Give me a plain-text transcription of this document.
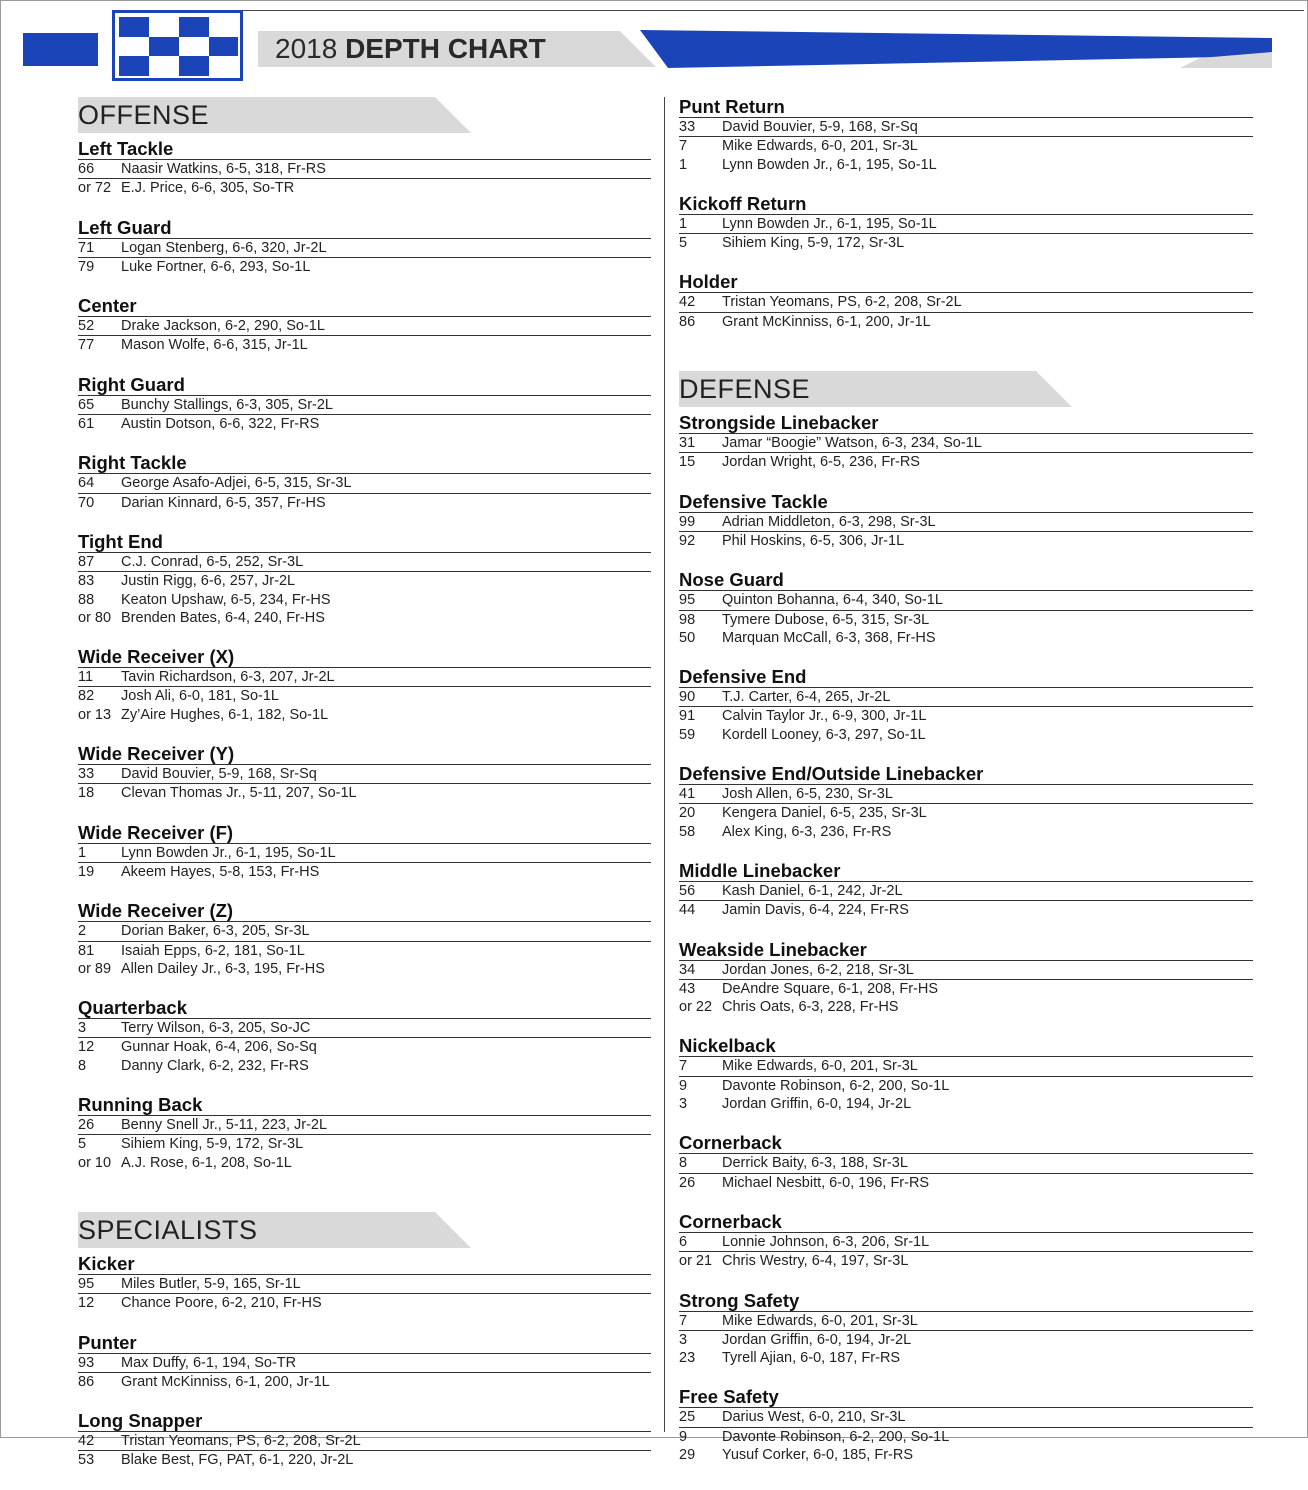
2018 DEPTH CHART
OFFENSE
Left Tackle
66	Naasir Watkins, 6-5, 318, Fr-RS
or 72 E.J. Price, 6-6, 305, So-TR
Left Guard
71	Logan Stenberg, 6-6, 320, Jr-2L
79	Luke Fortner, 6-6, 293, So-1L
Center
52	Drake Jackson, 6-2, 290, So-1L
77	Mason Wolfe, 6-6, 315, Jr-1L
Right Guard
65	Bunchy Stallings, 6-3, 305, Sr-2L
61	Austin Dotson, 6-6, 322, Fr-RS
Right Tackle
64	George Asafo-Adjei, 6-5, 315, Sr-3L
70	Darian Kinnard, 6-5, 357, Fr-HS
Tight End
87	C.J. Conrad, 6-5, 252, Sr-3L
83	Justin Rigg, 6-6, 257, Jr-2L
88	Keaton Upshaw, 6-5, 234, Fr-HS
or 80 Brenden Bates, 6-4, 240, Fr-HS
Wide Receiver (X)
11	Tavin Richardson, 6-3, 207, Jr-2L
82	Josh Ali, 6-0, 181, So-1L
or 13 Zy’Aire Hughes, 6-1, 182, So-1L
Wide Receiver (Y)
33	David Bouvier, 5-9, 168, Sr-Sq
18	Clevan Thomas Jr., 5-11, 207, So-1L
Wide Receiver (F)
1	Lynn Bowden Jr., 6-1, 195, So-1L
19	Akeem Hayes, 5-8, 153, Fr-HS
Wide Receiver (Z)
2	Dorian Baker, 6-3, 205, Sr-3L
81	Isaiah Epps, 6-2, 181, So-1L
or 89 Allen Dailey Jr., 6-3, 195, Fr-HS
Quarterback
3	Terry Wilson, 6-3, 205, So-JC
12	Gunnar Hoak, 6-4, 206, So-Sq
8	Danny Clark, 6-2, 232, Fr-RS
Running Back
26	Benny Snell Jr., 5-11, 223, Jr-2L
5	Sihiem King, 5-9, 172, Sr-3L
or 10 A.J. Rose, 6-1, 208, So-1L
SPECIALISTS
Kicker
95	Miles Butler, 5-9, 165, Sr-1L
12	Chance Poore, 6-2, 210, Fr-HS
Punter
93	Max Duffy, 6-1, 194, So-TR
86	Grant McKinniss, 6-1, 200, Jr-1L
Long Snapper
42	Tristan Yeomans, PS, 6-2, 208, Sr-2L
53	Blake Best, FG, PAT, 6-1, 220, Jr-2L
Punt Return
33	David Bouvier, 5-9, 168, Sr-Sq
7	Mike Edwards, 6-0, 201, Sr-3L
1	Lynn Bowden Jr., 6-1, 195, So-1L
Kickoff Return
1	Lynn Bowden Jr., 6-1, 195, So-1L
5	Sihiem King, 5-9, 172, Sr-3L
Holder
42	Tristan Yeomans, PS, 6-2, 208, Sr-2L
86	Grant McKinniss, 6-1, 200, Jr-1L
DEFENSE
Strongside Linebacker
31	Jamar “Boogie” Watson, 6-3, 234, So-1L
15	Jordan Wright, 6-5, 236, Fr-RS
Defensive Tackle
99	Adrian Middleton, 6-3, 298, Sr-3L
92	Phil Hoskins, 6-5, 306, Jr-1L
Nose Guard
95	Quinton Bohanna, 6-4, 340, So-1L
98	Tymere Dubose, 6-5, 315, Sr-3L
50	Marquan McCall, 6-3, 368, Fr-HS
Defensive End
90	T.J. Carter, 6-4, 265, Jr-2L
91	Calvin Taylor Jr., 6-9, 300, Jr-1L
59	Kordell Looney, 6-3, 297, So-1L
Defensive End/Outside Linebacker
41	Josh Allen, 6-5, 230, Sr-3L
20	Kengera Daniel, 6-5, 235, Sr-3L
58	Alex King, 6-3, 236, Fr-RS
Middle Linebacker
56	Kash Daniel, 6-1, 242, Jr-2L
44	Jamin Davis, 6-4, 224, Fr-RS
Weakside Linebacker
34	Jordan Jones, 6-2, 218, Sr-3L
43	DeAndre Square, 6-1, 208, Fr-HS
or 22 Chris Oats, 6-3, 228, Fr-HS
Nickelback
7	Mike Edwards, 6-0, 201, Sr-3L
9	Davonte Robinson, 6-2, 200, So-1L
3	Jordan Griffin, 6-0, 194, Jr-2L
Cornerback
8	Derrick Baity, 6-3, 188, Sr-3L
26	Michael Nesbitt, 6-0, 196, Fr-RS
Cornerback
6	Lonnie Johnson, 6-3, 206, Sr-1L
or 21 Chris Westry, 6-4, 197, Sr-3L
Strong Safety
7	Mike Edwards, 6-0, 201, Sr-3L
3	Jordan Griffin, 6-0, 194, Jr-2L
23	Tyrell Ajian, 6-0, 187, Fr-RS
Free Safety
25	Darius West, 6-0, 210, Sr-3L
9	Davonte Robinson, 6-2, 200, So-1L
29	Yusuf Corker, 6-0, 185, Fr-RS
